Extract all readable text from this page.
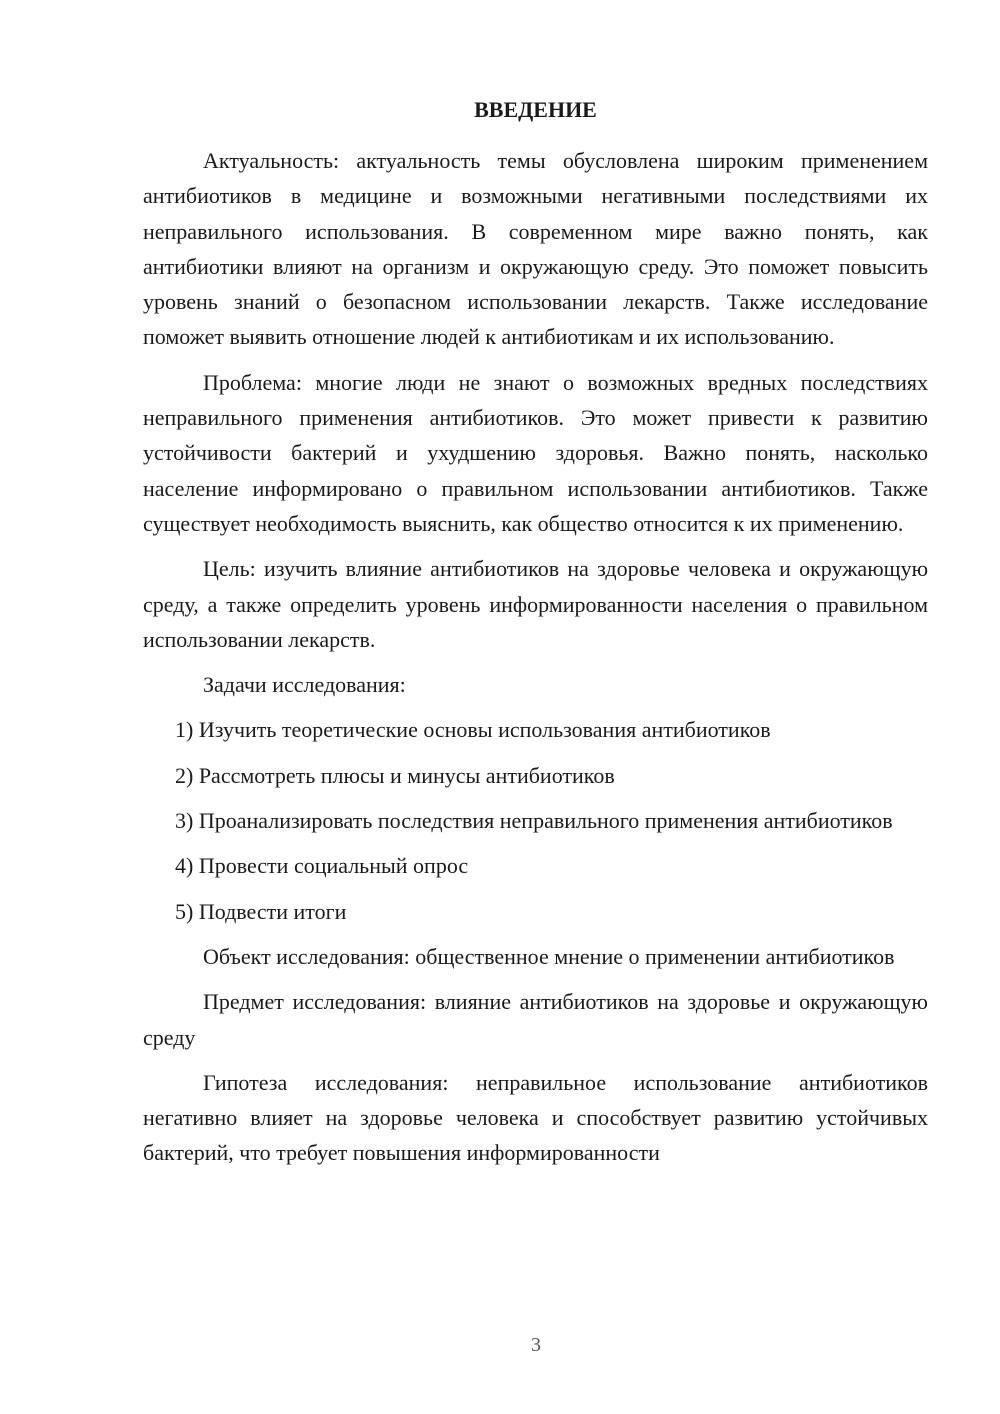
ВВЕДЕНИЕ

Актуальность: актуальность темы обусловлена широким применением антибиотиков в медицине и возможными негативными последствиями их неправильного использования. В современном мире важно понять, как антибиотики влияют на организм и окружающую среду. Это поможет повысить уровень знаний о безопасном использовании лекарств. Также исследование поможет выявить отношение людей к антибиотикам и их использованию.

Проблема: многие люди не знают о возможных вредных последствиях неправильного применения антибиотиков. Это может привести к развитию устойчивости бактерий и ухудшению здоровья. Важно понять, насколько население информировано о правильном использовании антибиотиков. Также существует необходимость выяснить, как общество относится к их применению.

Цель: изучить влияние антибиотиков на здоровье человека и окружающую среду, а также определить уровень информированности населения о правильном использовании лекарств.

Задачи исследования:

1) Изучить теоретические основы использования антибиотиков

2) Рассмотреть плюсы и минусы антибиотиков

3) Проанализировать последствия неправильного применения антибиотиков

4) Провести социальный опрос

5) Подвести итоги

Объект исследования: общественное мнение о применении антибиотиков

Предмет исследования: влияние антибиотиков на здоровье и окружающую среду

Гипотеза исследования: неправильное использование антибиотиков негативно влияет на здоровье человека и способствует развитию устойчивых бактерий, что требует повышения информированности

3
